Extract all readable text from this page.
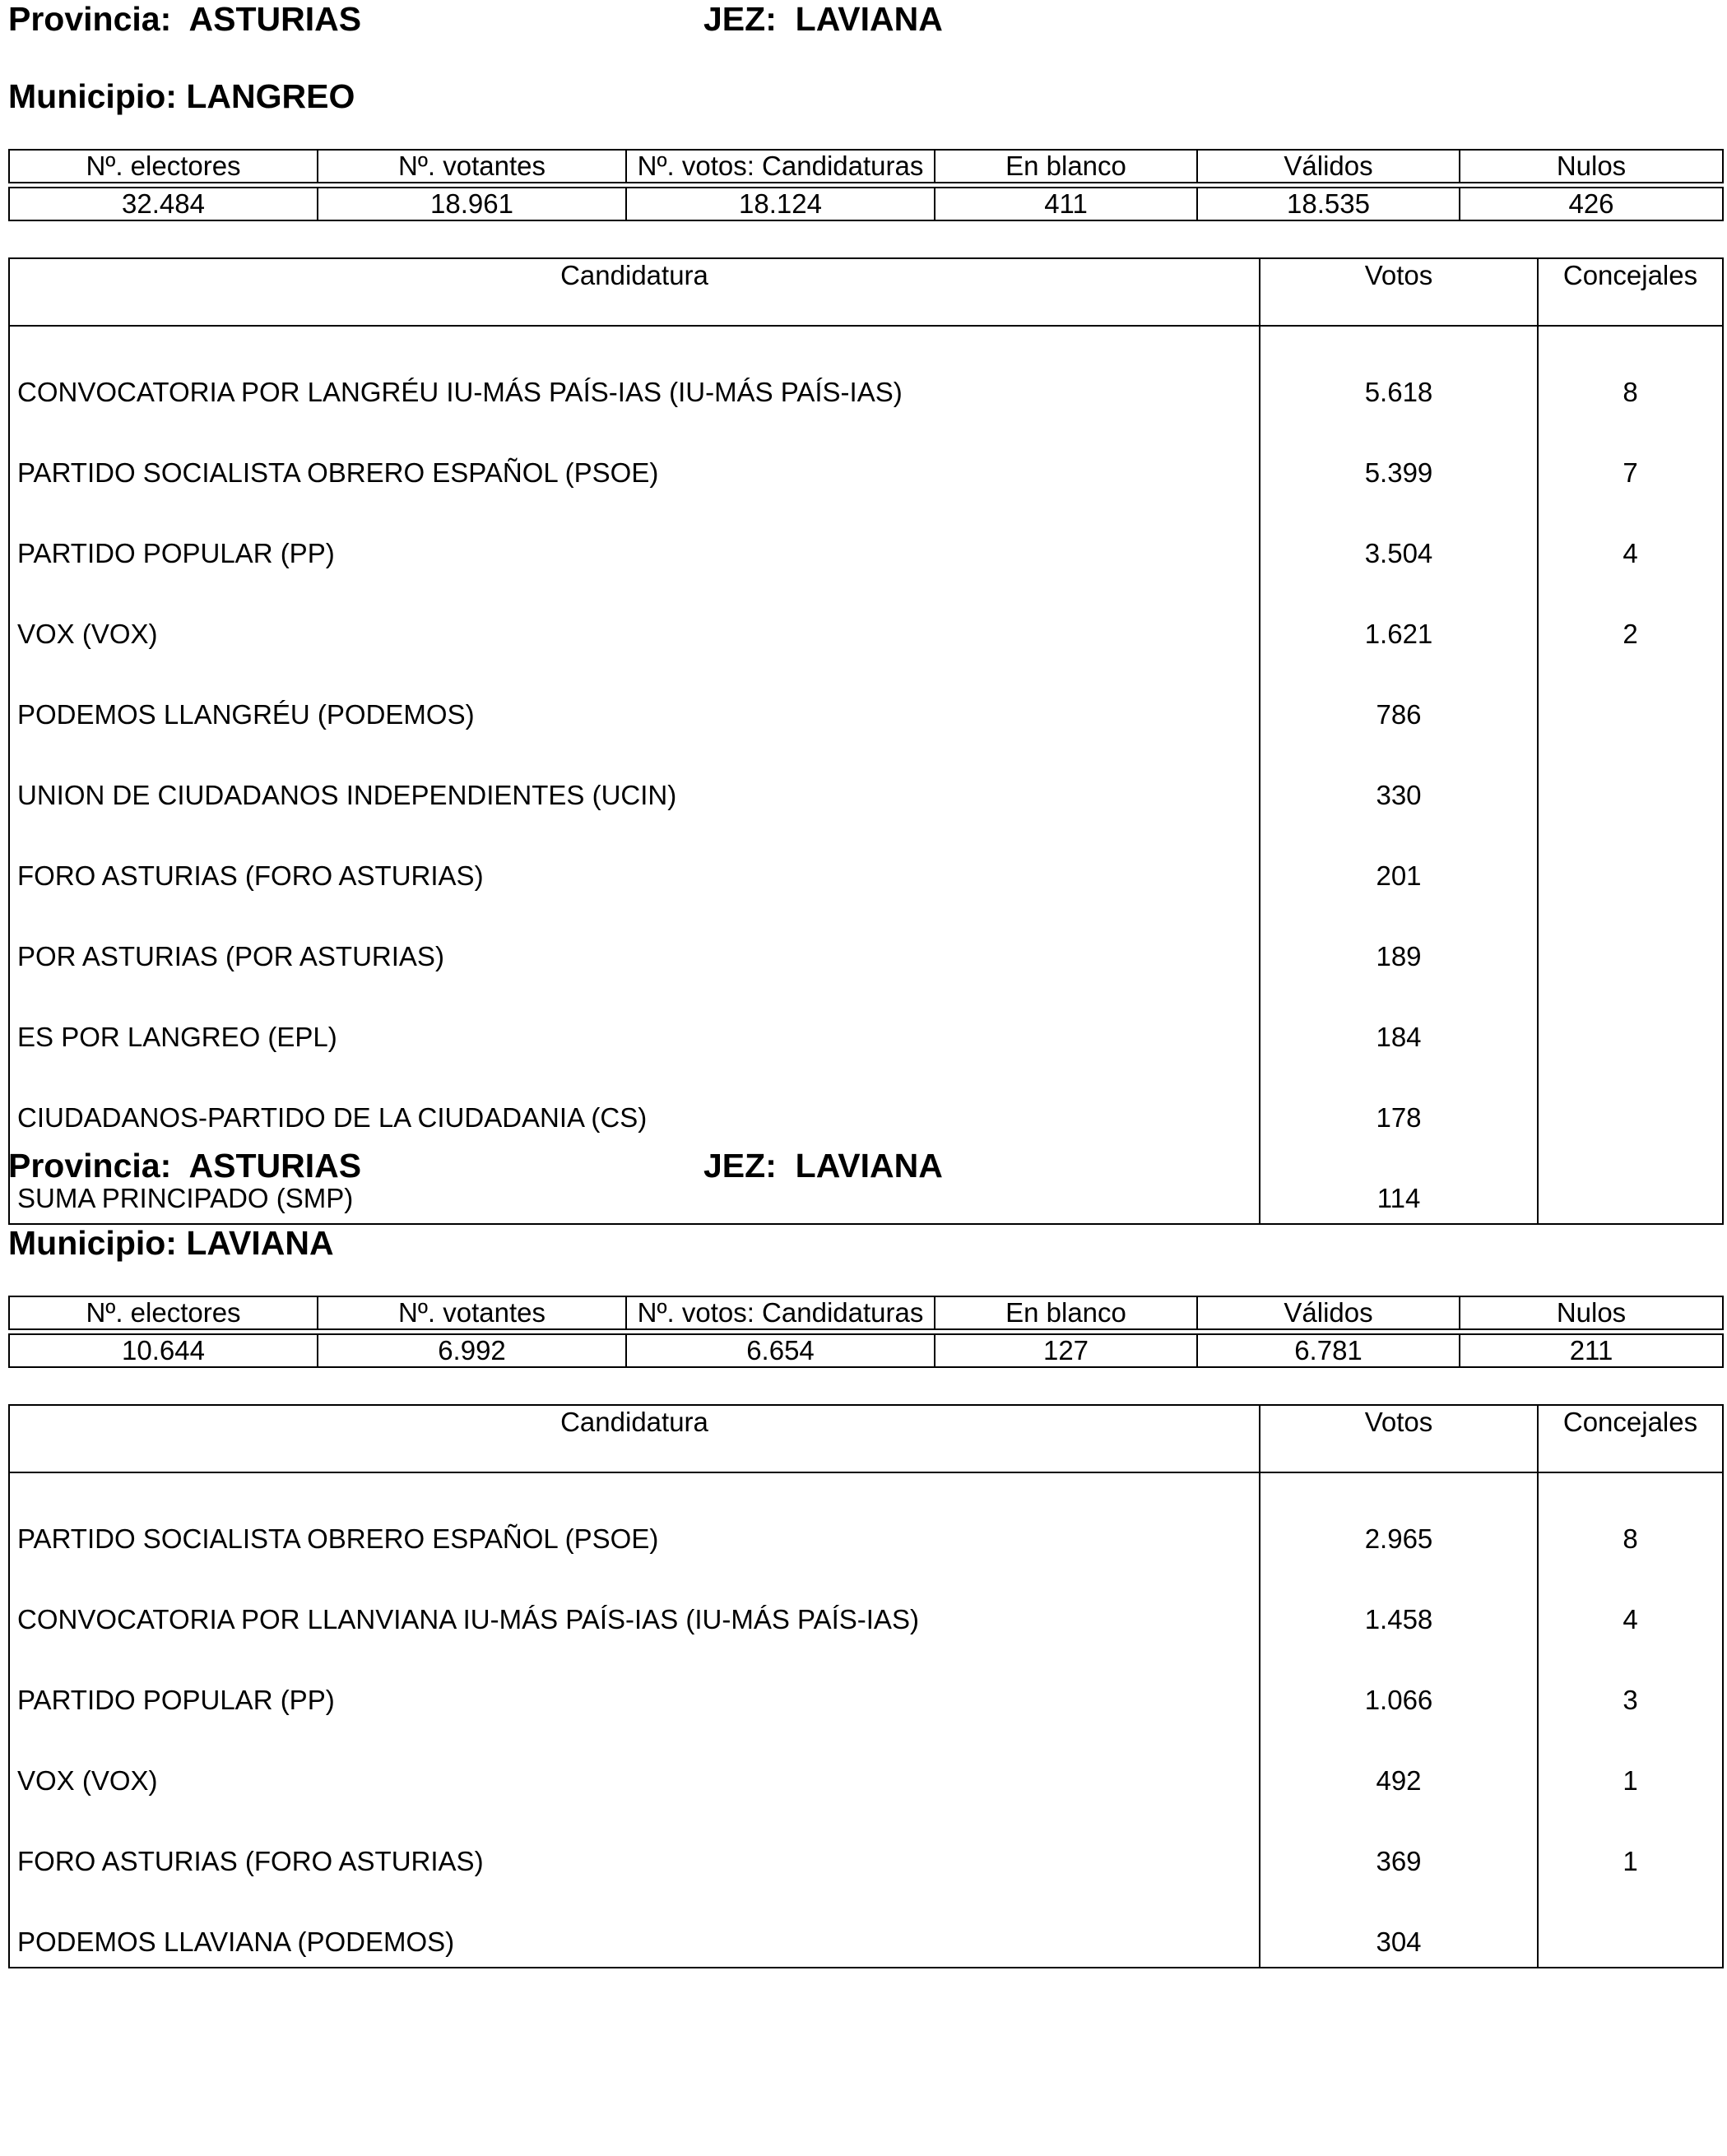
Provincia: ASTURIAS	JEZ: LAVIANA
Municipio: LANGREO
Nº. electores	Nº. votantes	Nº. votos: Candidaturas	En blanco	Válidos	Nulos

32.484	18.961	18.124	411	18.535	426
Candidatura	Votos	Concejales
CONVOCATORIA POR LANGRÉU IU-MÁS PAÍS-IAS (IU-MÁS PAÍS-IAS)	5.618	8
PARTIDO SOCIALISTA OBRERO ESPAÑOL (PSOE)	5.399	7
PARTIDO POPULAR (PP)	3.504	4
VOX (VOX)	1.621	2
PODEMOS LLANGRÉU (PODEMOS)	786	
UNION DE CIUDADANOS INDEPENDIENTES (UCIN)	330	
FORO ASTURIAS (FORO ASTURIAS)	201	
POR ASTURIAS (POR ASTURIAS)	189	
ES POR LANGREO (EPL)	184	
CIUDADANOS-PARTIDO DE LA CIUDADANIA (CS)	178	
SUMA PRINCIPADO (SMP)	114	
Provincia: ASTURIAS	JEZ: LAVIANA
Municipio: LAVIANA
Nº. electores	Nº. votantes	Nº. votos: Candidaturas	En blanco	Válidos	Nulos

10.644	6.992	6.654	127	6.781	211
Candidatura	Votos	Concejales
PARTIDO SOCIALISTA OBRERO ESPAÑOL (PSOE)	2.965	8
CONVOCATORIA POR LLANVIANA IU-MÁS PAÍS-IAS (IU-MÁS PAÍS-IAS)	1.458	4
PARTIDO POPULAR (PP)	1.066	3
VOX (VOX)	492	1
FORO ASTURIAS (FORO ASTURIAS)	369	1
PODEMOS LLAVIANA (PODEMOS)	304	
